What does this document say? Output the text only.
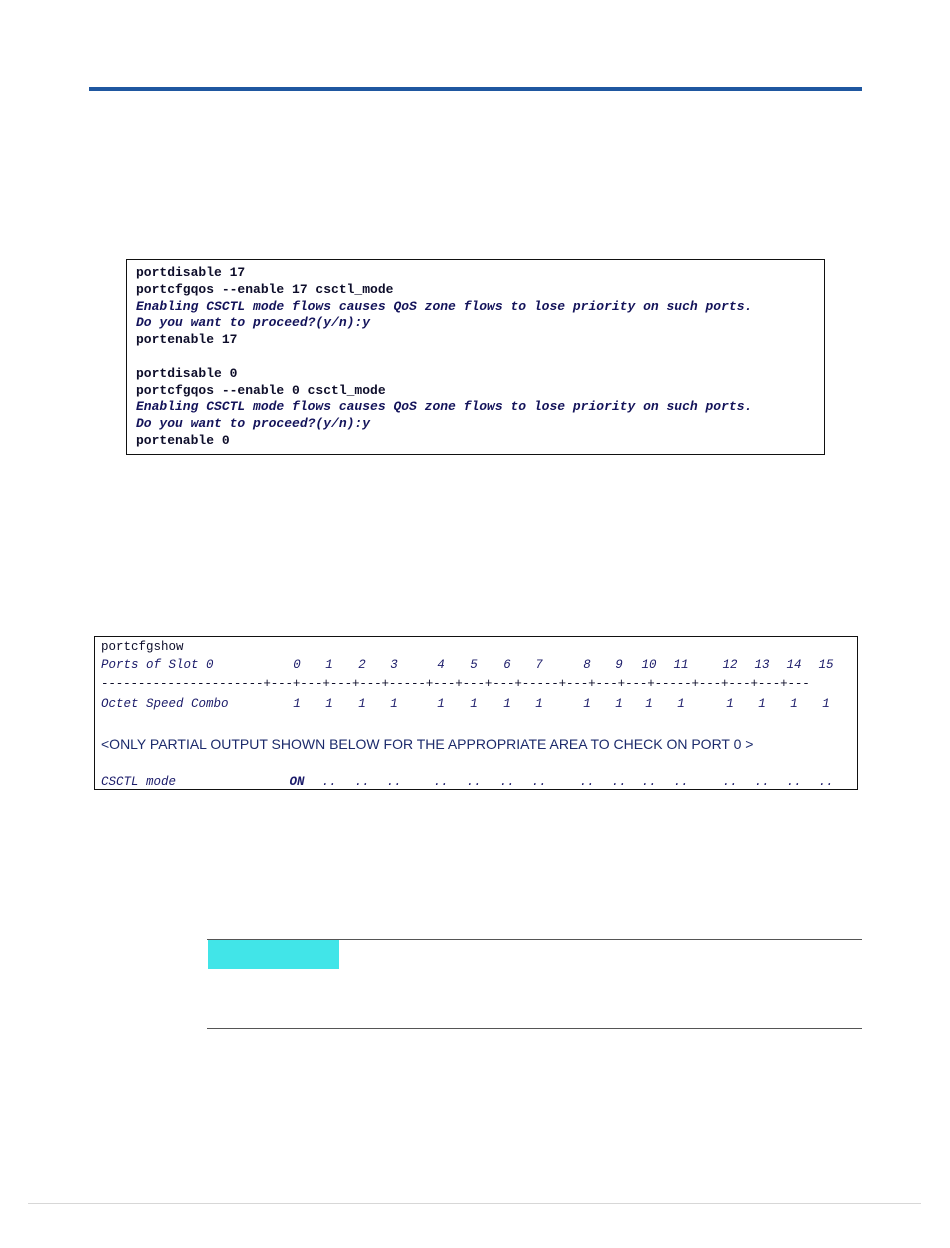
portdisable 17
portcfgqos --enable 17 csctl_mode
Enabling CSCTL mode flows causes QoS zone flows to lose priority on such ports.
Do you want to proceed?(y/n):y
portenable 17
portdisable 0
portcfgqos --enable 0 csctl_mode
Enabling CSCTL mode flows causes QoS zone flows to lose priority on such ports.
Do you want to proceed?(y/n):y
portenable 0
portcfgshow
Ports of Slot 0	0	1	2	3	4	5	6	7	8	9	10	11	12	13	14	15
----------------------+---+---+---+---+-----+---+---+---+-----+---+---+---+-----+---+---+---+---
Octet Speed Combo	1	1	1	1	1	1	1	1	1	1	1	1	1	1	1	1
<ONLY PARTIAL OUTPUT SHOWN BELOW FOR THE APPROPRIATE AREA TO CHECK ON PORT 0 >
CSCTL mode	ON	..	..	..	..	..	..	..	..	..	..	..	..	..	..	..
